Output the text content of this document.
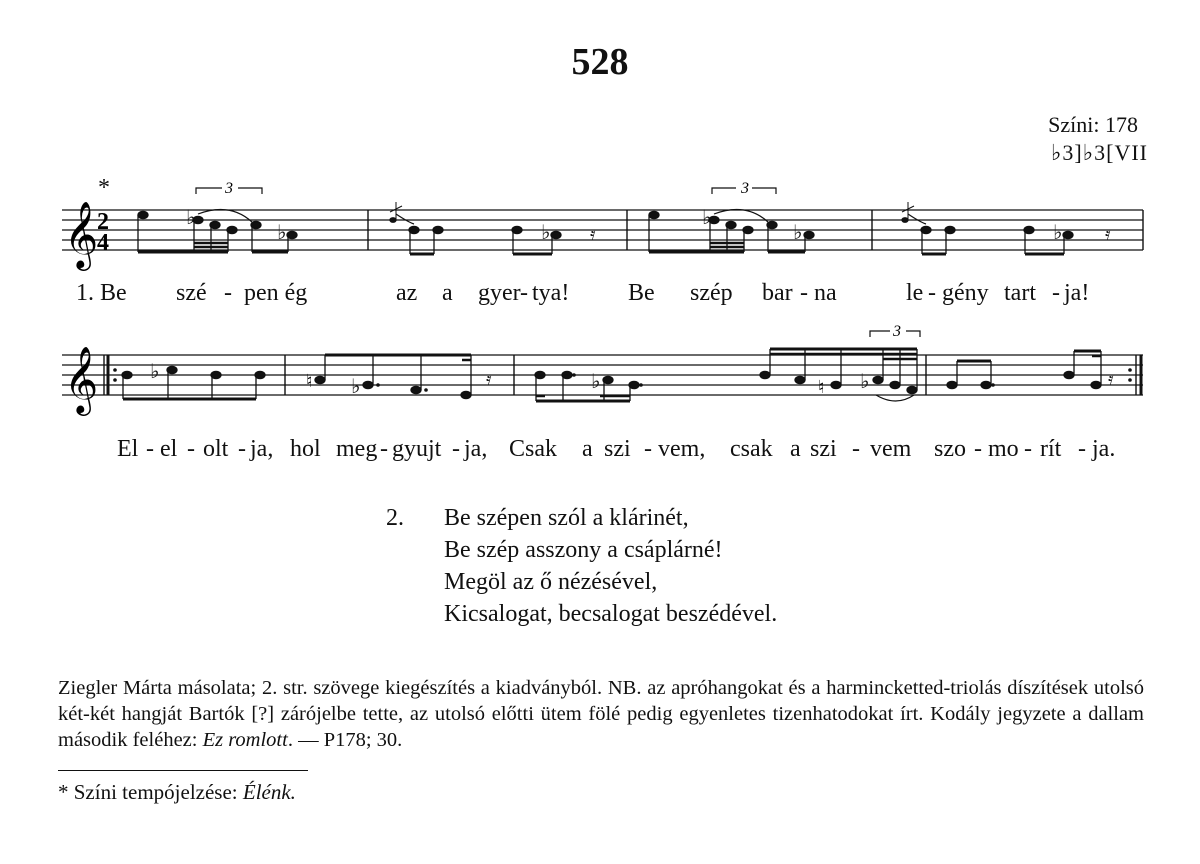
528
Színi: 178
♭3]♭3[VII
*
𝄞
2
4
♭
♭	♭
♭
♭	♭
3	3
𝄿	𝄿
1. Be szé - pen ég	az a gyer - tya! Be szép bar - na	le - gény tart - ja!
𝄞	♭
♭	♭	♭
♮	♮
3
𝄿	𝄿
El - el - olt - ja, hol meg - gyujt - ja, Csak a szi - vem, csak a szi - vem szo - mo - rít - ja.
2. Be szépen szól a klárinét,
Be szép asszony a csáplárné!
Megöl az ő nézésével,
Kicsalogat, becsalogat beszédével.
Ziegler Márta másolata; 2. str. szövege kiegészítés a kiadványból. NB. az apróhangokat és a harmincketted-triolás díszítések utolsó két-két hangját Bartók [?] zárójelbe tette, az utolsó előtti ütem fölé pedig egyenletes tizenhatodokat írt. Kodály jegyzete a dallam második feléhez: Ez romlott. — P178; 30.
* Színi tempójelzése: Élénk.
